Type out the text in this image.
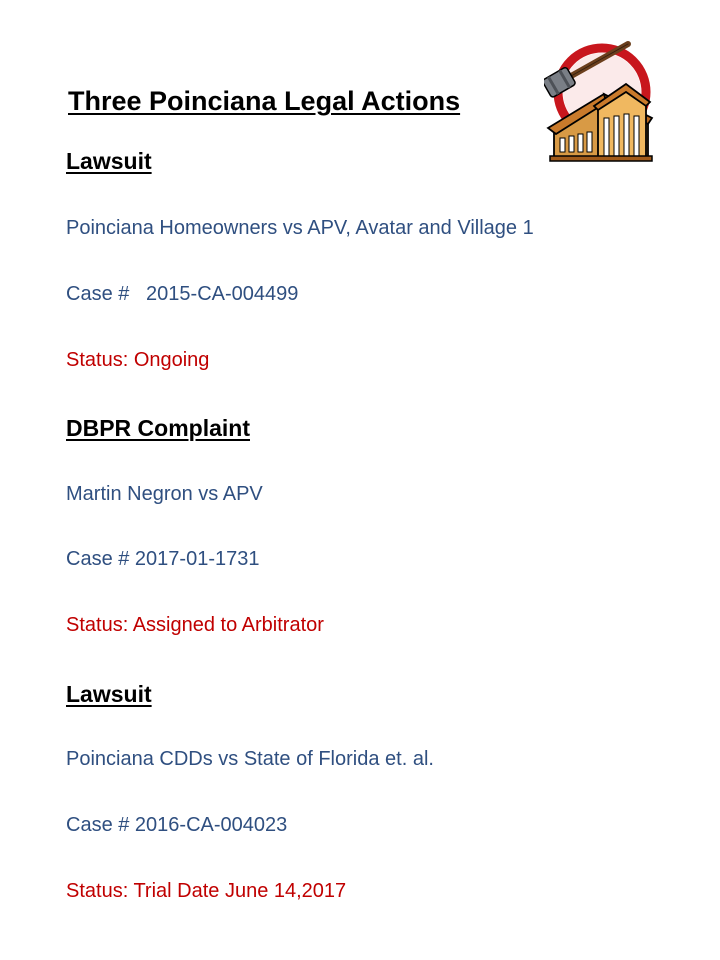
Three Poinciana Legal Actions
Lawsuit

Poinciana Homeowners vs APV, Avatar and Village 1

Case #   2015-CA-004499

Status: Ongoing

DBPR Complaint

Martin Negron vs APV

Case # 2017-01-1731

Status: Assigned to Arbitrator

Lawsuit

Poinciana CDDs vs State of Florida et. al.

Case # 2016-CA-004023

Status: Trial Date June 14,2017
